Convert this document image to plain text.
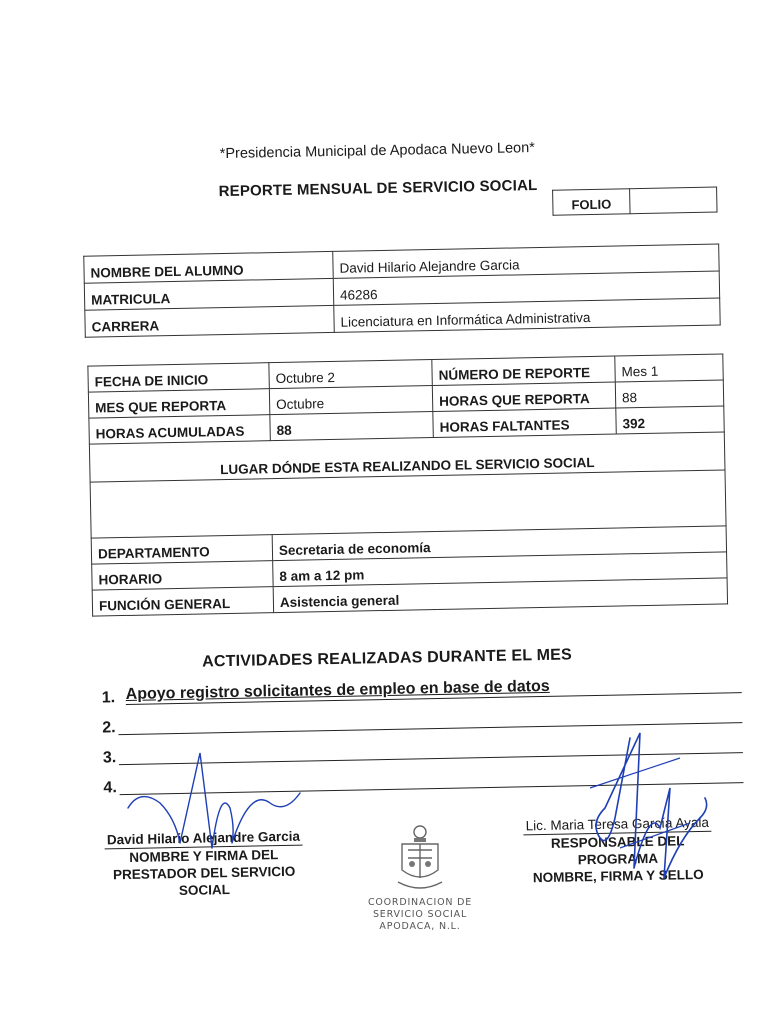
*Presidencia Municipal de Apodaca Nuevo Leon*
REPORTE MENSUAL DE SERVICIO SOCIAL
FOLIO	
NOMBRE DEL ALUMNO	David Hilario Alejandre Garcia
MATRICULA	46286
CARRERA	Licenciatura en Informática Administrativa
FECHA DE INICIO	Octubre 2	NÚMERO DE REPORTE	Mes 1
MES QUE REPORTA	Octubre	HORAS QUE REPORTA	88
HORAS ACUMULADAS	88	HORAS FALTANTES	392
LUGAR DÓNDE ESTA REALIZANDO EL SERVICIO SOCIAL			

DEPARTAMENTO	Secretaria de economía		
HORARIO	8 am a 12 pm		
FUNCIÓN GENERAL	Asistencia general		
ACTIVIDADES REALIZADAS DURANTE EL MES
1. Apoyo registro solicitantes de empleo en base de datos
2.
3.
4.
David Hilario Alejandre Garcia
NOMBRE Y FIRMA DEL
PRESTADOR DEL SERVICIO
SOCIAL
Lic. Maria Teresa García Ayala
RESPONSABLE DEL
PROGRAMA
NOMBRE, FIRMA Y SELLO
COORDINACION DE
SERVICIO SOCIAL
APODACA, N.L.
